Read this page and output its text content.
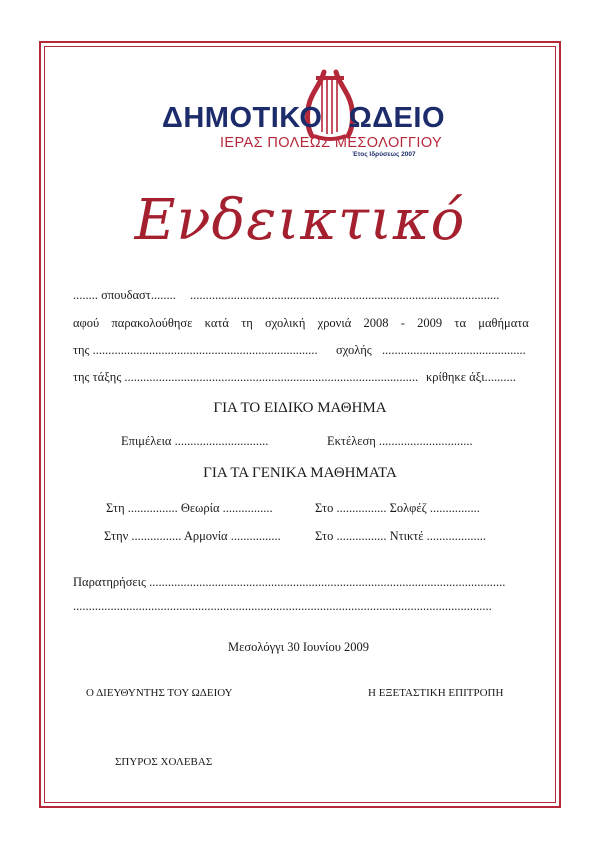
ΔΗΜΟΤΙΚΟ ΩΔΕΙΟ
ΙΕΡΑΣ ΠΟΛΕΩΣ ΜΕΣΟΛΟΓΓΙΟΥ
Έτος Ιδρύσεως 2007
Ενδεικτικό
........ σπουδαστ........ ...................................................................................................
αφού παρακολούθησε κατά τη σχολική χρονιά 2008 - 2009 τα μαθήματα
της ........................................................................ σχολής ..............................................
της τάξης .............................................................................................. κρίθηκε άξι..........
ΓΙΑ ΤΟ ΕΙΔΙΚΟ ΜΑΘΗΜΑ
Επιμέλεια ..............................	Εκτέλεση ..............................
ΓΙΑ ΤΑ ΓΕΝΙΚΑ ΜΑΘΗΜΑΤΑ
Στη ................ Θεωρία ................	Στο ................ Σολφέζ ................
Στην ................ Αρμονία ................	Στο ................ Ντικτέ ...................
Παρατηρήσεις ..................................................................................................................
......................................................................................................................................
Μεσολόγγι 30 Ιουνίου 2009
Ο ΔΙΕΥΘΥΝΤΗΣ ΤΟΥ ΩΔΕΙΟΥ	Η ΕΞΕΤΑΣΤΙΚΗ ΕΠΙΤΡΟΠΗ
ΣΠΥΡΟΣ ΧΟΛΕΒΑΣ
